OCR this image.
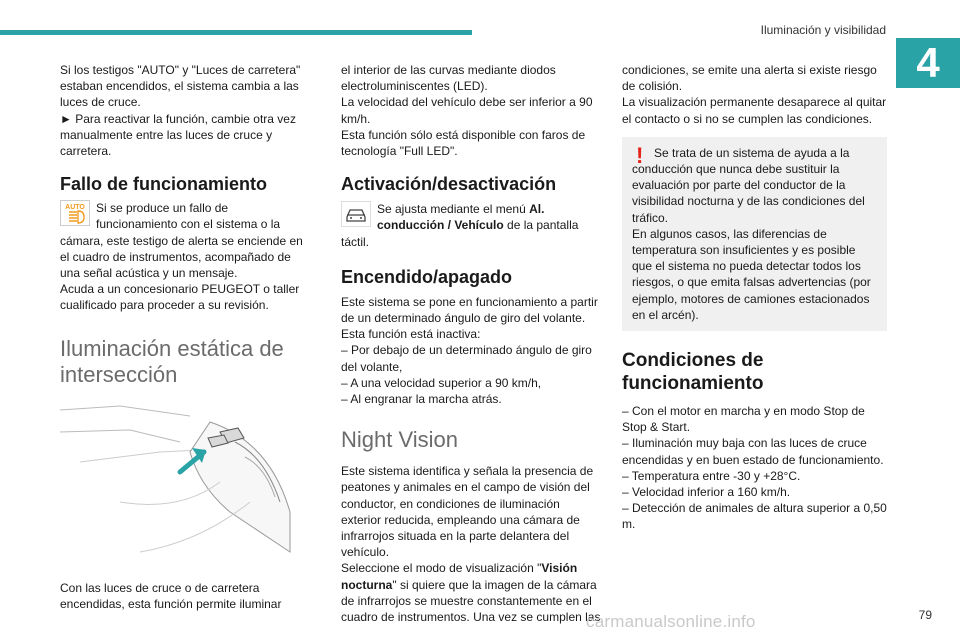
Iluminación y visibilidad
4

Si los testigos "AUTO" y "Luces de carretera" estaban encendidos, el sistema cambia a las luces de cruce.
► Para reactivar la función, cambie otra vez manualmente entre las luces de cruce y carretera.

Fallo de funcionamiento
AUTO Si se produce un fallo de funcionamiento con el sistema o la cámara, este testigo de alerta se enciende en el cuadro de instrumentos, acompañado de una señal acústica y un mensaje.
Acuda a un concesionario PEUGEOT o taller cualificado para proceder a su revisión.

Iluminación estática de intersección

Con las luces de cruce o de carretera encendidas, esta función permite iluminar

el interior de las curvas mediante diodos electroluminiscentes (LED).
La velocidad del vehículo debe ser inferior a 90 km/h.
Esta función sólo está disponible con faros de tecnología "Full LED".

Activación/desactivación

Se ajusta mediante el menú Al. conducción / Vehículo de la pantalla táctil.

Encendido/apagado

Este sistema se pone en funcionamiento a partir de un determinado ángulo de giro del volante.
Esta función está inactiva:
– Por debajo de un determinado ángulo de giro del volante,
– A una velocidad superior a 90 km/h,
– Al engranar la marcha atrás.

Night Vision

Este sistema identifica y señala la presencia de peatones y animales en el campo de visión del conductor, en condiciones de iluminación exterior reducida, empleando una cámara de infrarrojos situada en la parte delantera del vehículo.
Seleccione el modo de visualización "Visión nocturna" si quiere que la imagen de la cámara de infrarrojos se muestre constantemente en el cuadro de instrumentos. Una vez se cumplen las

condiciones, se emite una alerta si existe riesgo de colisión.
La visualización permanente desaparece al quitar el contacto o si no se cumplen las condiciones.

! Se trata de un sistema de ayuda a la conducción que nunca debe sustituir la evaluación por parte del conductor de la visibilidad nocturna y de las condiciones del tráfico.
En algunos casos, las diferencias de temperatura son insuficientes y es posible que el sistema no pueda detectar todos los riesgos, o que emita falsas advertencias (por ejemplo, motores de camiones estacionados en el arcén).

Condiciones de funcionamiento

– Con el motor en marcha y en modo Stop de Stop & Start.
– Iluminación muy baja con las luces de cruce encendidas y en buen estado de funcionamiento.
– Temperatura entre -30 y +28°C.
– Velocidad inferior a 160 km/h.
– Detección de animales de altura superior a 0,50 m.

carmanualsonline.info	79
